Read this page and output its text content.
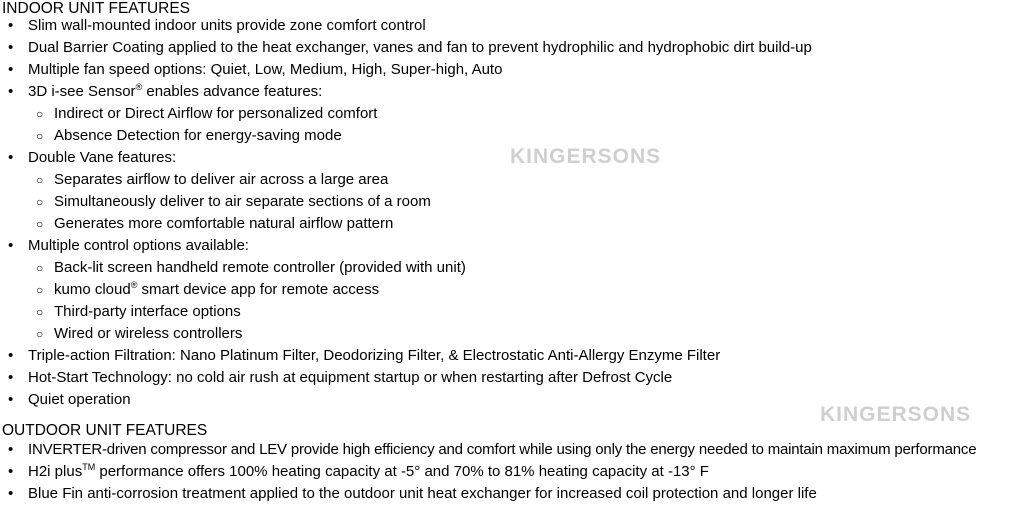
INDOOR UNIT FEATURES
• Slim wall-mounted indoor units provide zone comfort control
• Dual Barrier Coating applied to the heat exchanger, vanes and fan to prevent hydrophilic and hydrophobic dirt build-up
• Multiple fan speed options: Quiet, Low, Medium, High, Super-high, Auto
• 3D i-see Sensor® enables advance features:
○ Indirect or Direct Airflow for personalized comfort
○ Absence Detection for energy-saving mode
• Double Vane features:
○ Separates airflow to deliver air across a large area
○ Simultaneously deliver to air separate sections of a room
○ Generates more comfortable natural airflow pattern
• Multiple control options available:
○ Back-lit screen handheld remote controller (provided with unit)
○ kumo cloud® smart device app for remote access
○ Third-party interface options
○ Wired or wireless controllers
• Triple-action Filtration: Nano Platinum Filter, Deodorizing Filter, & Electrostatic Anti-Allergy Enzyme Filter
• Hot-Start Technology: no cold air rush at equipment startup or when restarting after Defrost Cycle
• Quiet operation
OUTDOOR UNIT FEATURES
• INVERTER-driven compressor and LEV provide high efficiency and comfort while using only the energy needed to maintain maximum performance
• H2i plus™ performance offers 100% heating capacity at -5° and 70% to 81% heating capacity at -13° F
• Blue Fin anti-corrosion treatment applied to the outdoor unit heat exchanger for increased coil protection and longer life
KINGERSONS
KINGERSONS
